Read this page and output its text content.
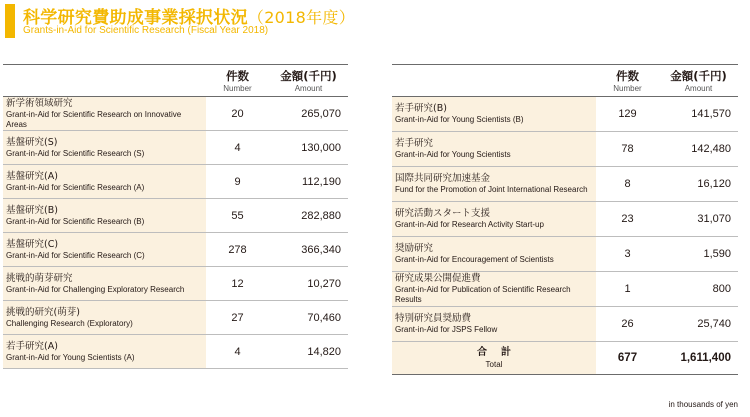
科学研究費助成事業採択状況（2018年度）
Grants-in-Aid for Scientific Research (Fiscal Year 2018)

	件数
Number	金額(千円)
Amount

新学術領域研究
Grant-in-Aid for Scientific Research on Innovative Areas	20	265,070

基盤研究(S)
Grant-in-Aid for Scientific Research (S)	4	130,000

基盤研究(A)
Grant-in-Aid for Scientific Research (A)	9	112,190

基盤研究(B)
Grant-in-Aid for Scientific Research (B)	55	282,880

基盤研究(C)
Grant-in-Aid for Scientific Research (C)	278	366,340

挑戦的萌芽研究
Grant-in-Aid for Challenging Exploratory Research	12	10,270

挑戦的研究(萌芽)
Challenging Research (Exploratory)	27	70,460

若手研究(A)
Grant-in-Aid for Young Scientists (A)	4	14,820

	件数
Number	金額(千円)
Amount

若手研究(B)
Grant-in-Aid for Young Scientists (B)	129	141,570

若手研究
Grant-in-Aid for Young Scientists	78	142,480

国際共同研究加速基金
Fund for the Promotion of Joint International Research	8	16,120

研究活動スタート支援
Grant-in-Aid for Research Activity Start-up	23	31,070

奨励研究
Grant-in-Aid for Encouragement of Scientists	3	1,590

研究成果公開促進費
Grant-in-Aid for Publication of Scientific Research Results	1	800

特別研究員奨励費
Grant-in-Aid for JSPS Fellow	26	25,740

合計
Total	677	1,611,400
in thousands of yen
